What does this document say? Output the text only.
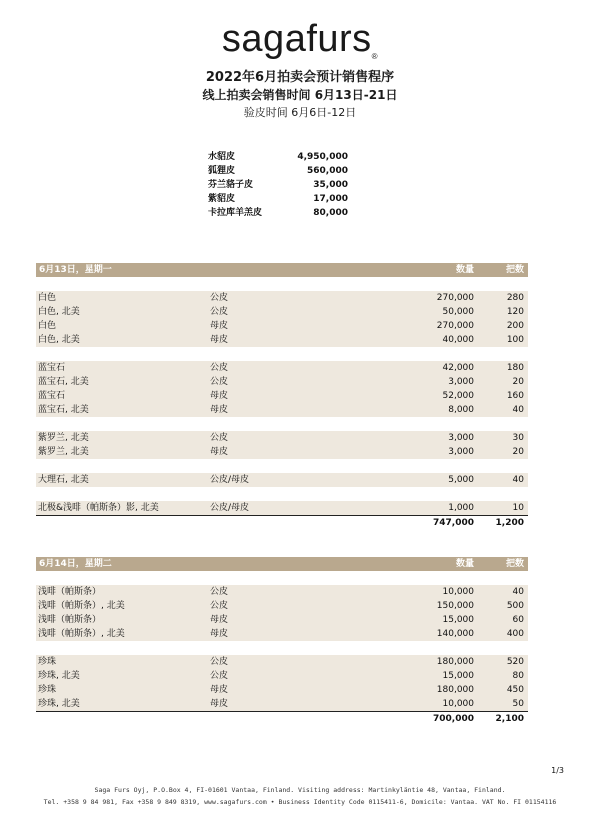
sagafurs®
2022年6月拍卖会预计销售程序
线上拍卖会销售时间 6月13日-21日
验皮时间 6月6日-12日
水貂皮	4,950,000
狐狸皮	560,000
芬兰貉子皮	35,000
紫貂皮	17,000
卡拉库羊羔皮	80,000
6月13日，星期一	数量	把数
白色	公皮	270,000	280
白色, 北美	公皮	50,000	120
白色	母皮	270,000	200
白色, 北美	母皮	40,000	100
蓝宝石	公皮	42,000	180
蓝宝石, 北美	公皮	3,000	20
蓝宝石	母皮	52,000	160
蓝宝石, 北美	母皮	8,000	40
紫罗兰, 北美	公皮	3,000	30
紫罗兰, 北美	母皮	3,000	20
大理石, 北美	公皮/母皮	5,000	40
北极&浅啡（帕斯条）影, 北美	公皮/母皮	1,000	10
747,000	1,200
6月14日，星期二	数量	把数
浅啡（帕斯条）	公皮	10,000	40
浅啡（帕斯条）, 北美	公皮	150,000	500
浅啡（帕斯条）	母皮	15,000	60
浅啡（帕斯条）, 北美	母皮	140,000	400
珍珠	公皮	180,000	520
珍珠, 北美	公皮	15,000	80
珍珠	母皮	180,000	450
珍珠, 北美	母皮	10,000	50
700,000	2,100
1/3
Saga Furs Oyj, P.O.Box 4, FI-01601 Vantaa, Finland. Visiting address: Martinkyläntie 48, Vantaa, Finland.
Tel. +358 9 84 981, Fax +358 9 849 8319, www.sagafurs.com • Business Identity Code 0115411-6, Domicile: Vantaa. VAT No. FI 01154116
